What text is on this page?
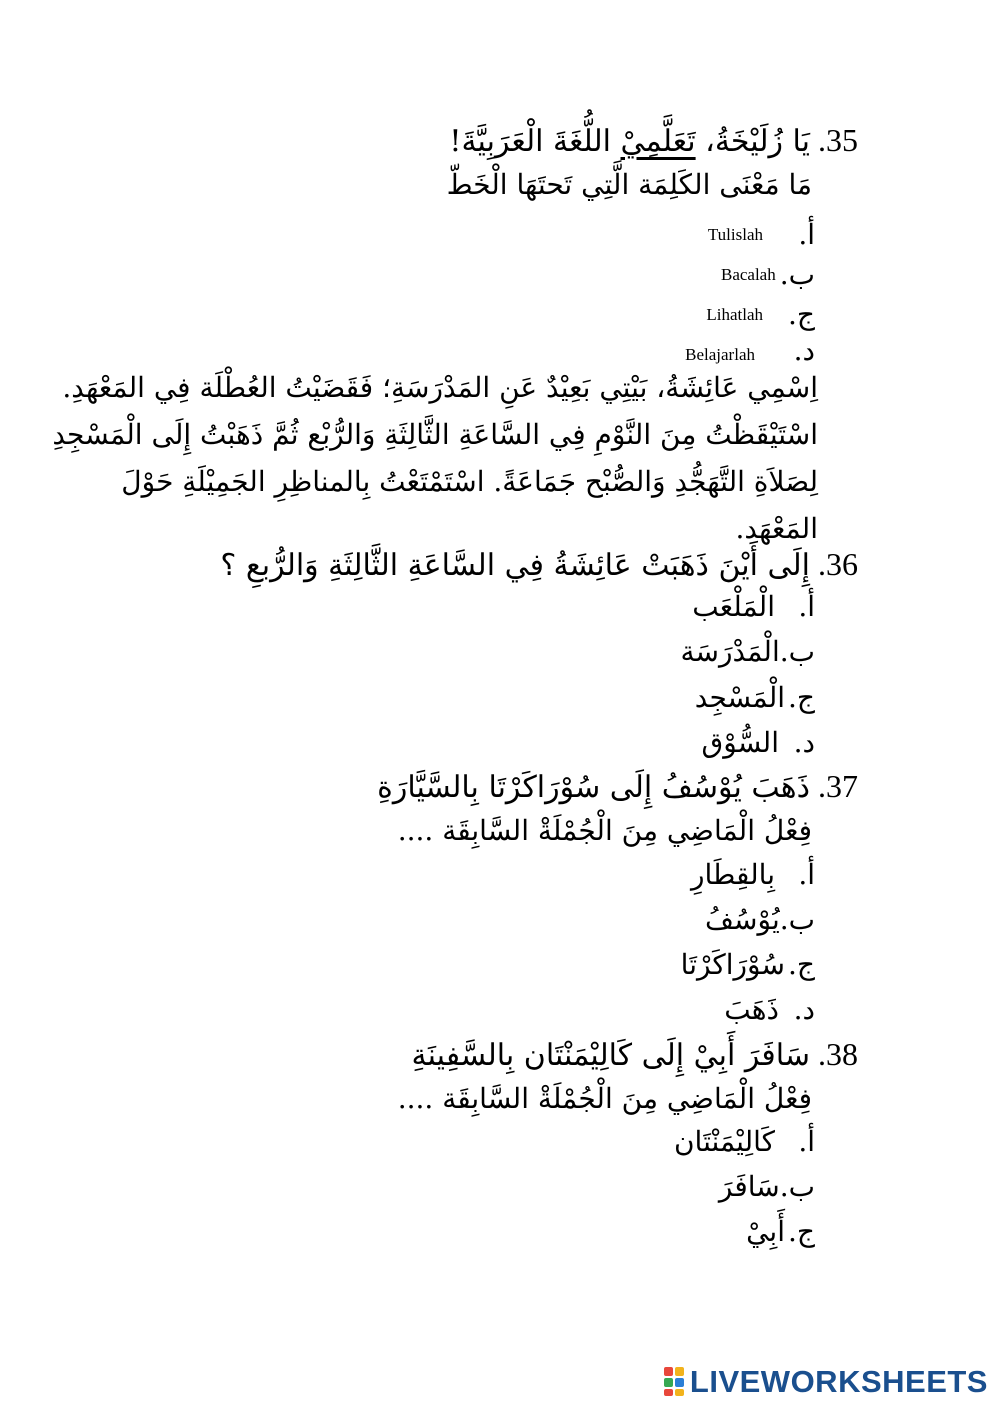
35.
يَا زُلَيْخَةُ،

تَعَلَّمِيْ

اللُّغَةَ الْعَرَبِيَّةَ!
مَا مَعْنَى الكَلِمَة الَّتِي تَحتَهَا الْخَطّ
أ.
Tulislah
ب.
Bacalah
ج.
Lihatlah
د.
Belajarlah
اِسْمِي عَائِشَةُ، بَيْتِي بَعِيْدٌ عَنِ المَدْرَسَةِ؛ فَقَضَيْتُ العُطْلَة فِي المَعْهَدِ.
اسْتَيْقَظْتُ مِنَ النَّوْمِ فِي السَّاعَةِ الثَّالِثَةِ وَالرُّبْع ثُمَّ ذَهَبْتُ إِلَى الْمَسْجِدِ
لِصَلاَةِ التَّهَجُّدِ وَالصُّبْح جَمَاعَةً. اسْتَمْتَعْتُ بِالمناظِرِ الجَمِيْلَةِ حَوْلَ
المَعْهَد.
36.
إِلَى أَيْنَ ذَهَبَتْ عَائِشَةُ فِي السَّاعَةِ الثَّالِثَةِ وَالرُّبعِ ؟
أ.
الْمَلْعَب
ب.
الْمَدْرَسَة
ج.
الْمَسْجِد
د.
السُّوْق
37.
ذَهَبَ يُوْسُفُ إِلَى سُوْرَاكَرْتَا بِالسَّيَّارَةِ
فِعْلُ الْمَاضِي مِنَ الْجُمْلَةْ السَّابِقَة ....
أ.
بِالقِطَارِ
ب.
يُوْسُفُ
ج.
سُوْرَاكَرْتَا
د.
ذَهَبَ
38.
سَافَرَ أَبِيْ إِلَى كَالِيْمَنْتَان بِالسَّفِينَةِ
فِعْلُ الْمَاضِي مِنَ الْجُمْلَةْ السَّابِقَة ....
أ.
كَالِيْمَنْتَان
ب.
سَافَرَ
ج.
أَبِيْ
LIVEWORKSHEETS
